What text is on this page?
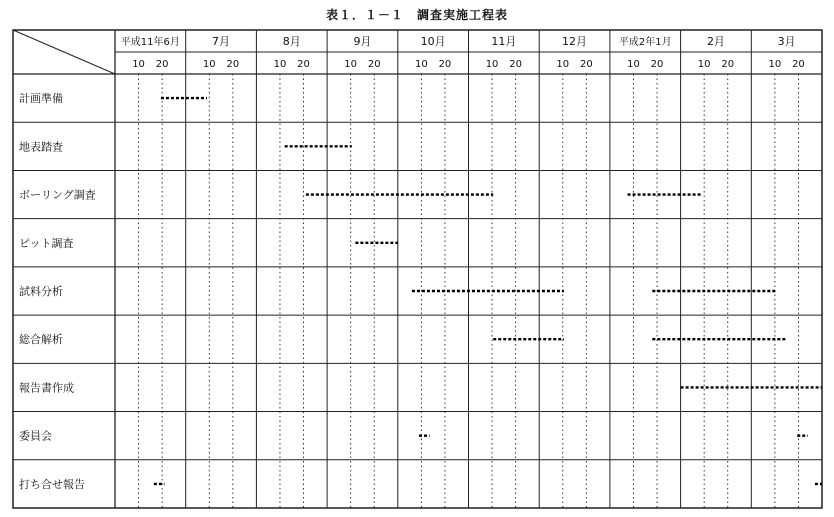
表１．１－１　調査実施工程表
平成11年6月
10 20
7月
10 20
8月
10 20
9月
10 20
10月
10 20
11月
10 20
12月
10 20
平成2年1月
10 20
2月
10 20
3月
10 20
計画準備
地表踏査
ボーリング調査
ピット調査
試料分析
総合解析
報告書作成
委員会
打ち合せ報告
